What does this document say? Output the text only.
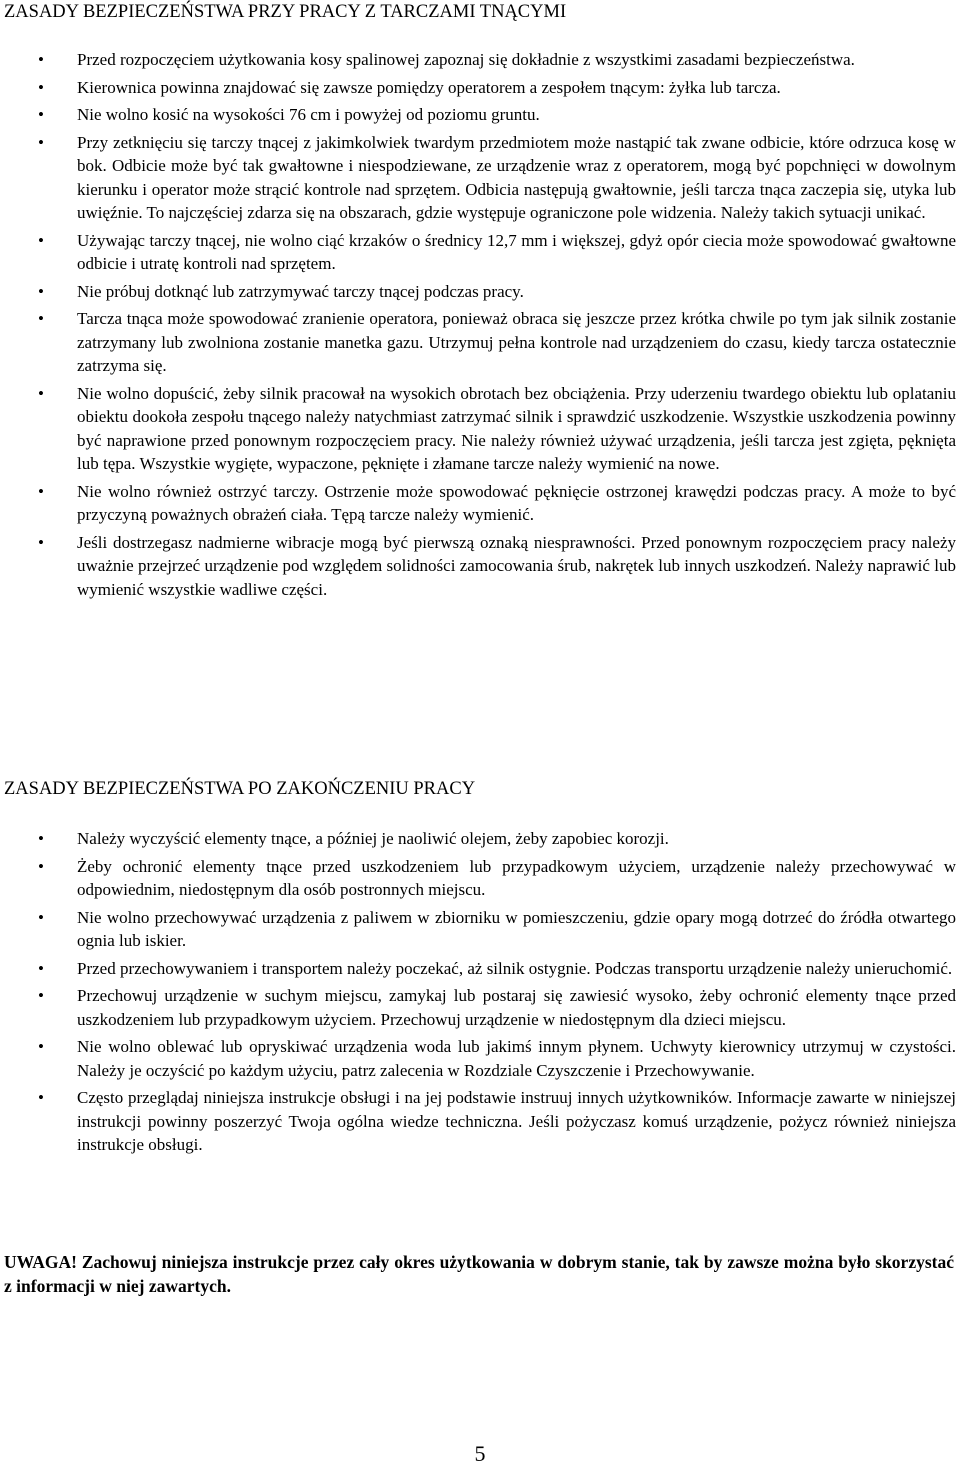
ZASADY BEZPIECZEŃSTWA PRZY PRACY Z TARCZAMI TNĄCYMI
• Przed rozpoczęciem użytkowania kosy spalinowej zapoznaj się dokładnie z wszystkimi zasadami bezpieczeństwa.
• Kierownica powinna znajdować się zawsze pomiędzy operatorem a zespołem tnącym: żyłka lub tarcza.
• Nie wolno kosić na wysokości 76 cm i powyżej od poziomu gruntu.
• Przy zetknięciu się tarczy tnącej z jakimkolwiek twardym przedmiotem może nastąpić tak zwane odbicie, które odrzuca kosę w bok. Odbicie może być tak gwałtowne i niespodziewane, ze urządzenie wraz z operatorem, mogą być popchnięci w dowolnym kierunku i operator może strącić kontrole nad sprzętem. Odbicia następują gwałtownie, jeśli tarcza tnąca zaczepia się, utyka lub uwięźnie. To najczęściej zdarza się na obszarach, gdzie występuje ograniczone pole widzenia. Należy takich sytuacji unikać.
• Używając tarczy tnącej, nie wolno ciąć krzaków o średnicy 12,7 mm i większej, gdyż opór ciecia może spowodować gwałtowne odbicie i utratę kontroli nad sprzętem.
• Nie próbuj dotknąć lub zatrzymywać tarczy tnącej podczas pracy.
• Tarcza tnąca może spowodować zranienie operatora, ponieważ obraca się jeszcze przez krótka chwile po tym jak silnik zostanie zatrzymany lub zwolniona zostanie manetka gazu. Utrzymuj pełna kontrole nad urządzeniem do czasu, kiedy tarcza ostatecznie zatrzyma się.
• Nie wolno dopuścić, żeby silnik pracował na wysokich obrotach bez obciążenia. Przy uderzeniu twardego obiektu lub oplataniu obiektu dookoła zespołu tnącego należy natychmiast zatrzymać silnik i sprawdzić uszkodzenie. Wszystkie uszkodzenia powinny być naprawione przed ponownym rozpoczęciem pracy. Nie należy również używać urządzenia, jeśli tarcza jest zgięta, pęknięta lub tępa. Wszystkie wygięte, wypaczone, pęknięte i złamane tarcze należy wymienić na nowe.
• Nie wolno również ostrzyć tarczy. Ostrzenie może spowodować pęknięcie ostrzonej krawędzi podczas pracy. A może to być przyczyną poważnych obrażeń ciała. Tępą tarcze należy wymienić.
• Jeśli dostrzegasz nadmierne wibracje mogą być pierwszą oznaką niesprawności. Przed ponownym rozpoczęciem pracy należy uważnie przejrzeć urządzenie pod względem solidności zamocowania śrub, nakrętek lub innych uszkodzeń. Należy naprawić lub wymienić wszystkie wadliwe części.
ZASADY BEZPIECZEŃSTWA PO ZAKOŃCZENIU PRACY
• Należy wyczyścić elementy tnące, a później je naoliwić olejem, żeby zapobiec korozji.
• Żeby ochronić elementy tnące przed uszkodzeniem lub przypadkowym użyciem, urządzenie należy przechowywać w odpowiednim, niedostępnym dla osób postronnych miejscu.
• Nie wolno przechowywać urządzenia z paliwem w zbiorniku w pomieszczeniu, gdzie opary mogą dotrzeć do źródła otwartego ognia lub iskier.
• Przed przechowywaniem i transportem należy poczekać, aż silnik ostygnie. Podczas transportu urządzenie należy unieruchomić.
• Przechowuj urządzenie w suchym miejscu, zamykaj lub postaraj się zawiesić wysoko, żeby ochronić elementy tnące przed uszkodzeniem lub przypadkowym użyciem. Przechowuj urządzenie w niedostępnym dla dzieci miejscu.
• Nie wolno oblewać lub opryskiwać urządzenia woda lub jakimś innym płynem. Uchwyty kierownicy utrzymuj w czystości. Należy je oczyścić po każdym użyciu, patrz zalecenia w Rozdziale Czyszczenie i Przechowywanie.
• Często przeglądaj niniejsza instrukcje obsługi i na jej podstawie instruuj innych użytkowników. Informacje zawarte w niniejszej instrukcji powinny poszerzyć Twoja ogólna wiedze techniczna. Jeśli pożyczasz komuś urządzenie, pożycz również niniejsza instrukcje obsługi.

UWAGA! Zachowuj niniejsza instrukcje przez cały okres użytkowania w dobrym stanie, tak by zawsze można było skorzystać z informacji w niej zawartych.

5
